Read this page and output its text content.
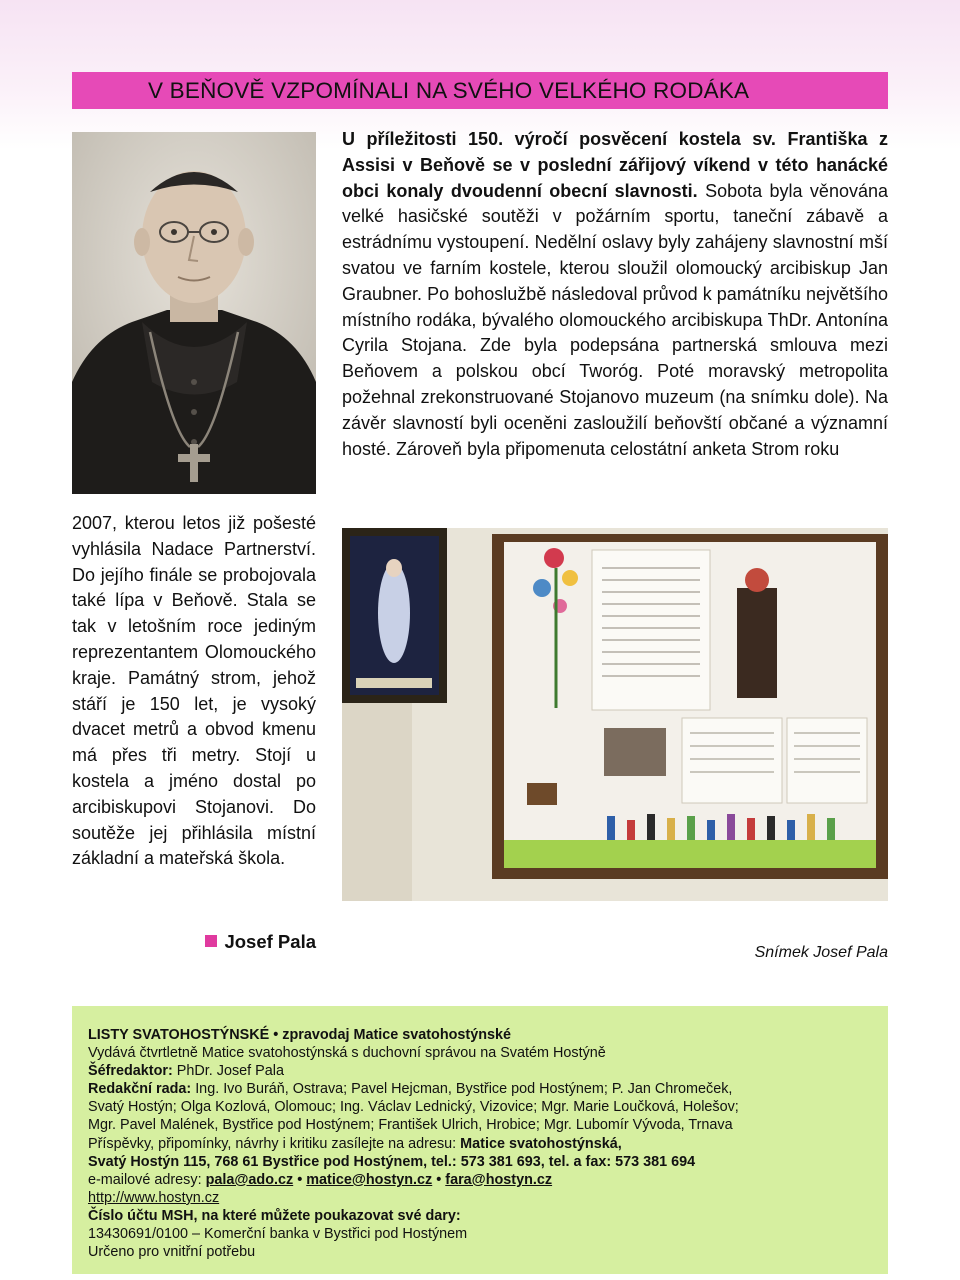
V BEŇOVĚ VZPOMÍNALI NA SVÉHO VELKÉHO RODÁKA

2007, kterou letos již pošesté vyhlásila Nadace Partnerství. Do jejího finále se probojovala také lípa v Beňově. Stala se tak v letošním roce jediným reprezentantem Olomouckého kraje. Památný strom, jehož stáří je 150 let, je vysoký dvacet metrů a obvod kmenu má přes tři metry. Stojí u kostela a jméno dostal po arcibiskupovi Stojanovi. Do soutěže jej přihlásila místní základní a mateřská škola.

Josef Pala

U příležitosti 150. výročí posvěcení kostela sv. Františka z Assisi v Beňově se v poslední zářijový víkend v této hanácké obci konaly dvoudenní obecní slavnosti. Sobota byla věnována velké hasičské soutěži v požárním sportu, taneční zábavě a estrádnímu vystoupení. Nedělní oslavy byly zahájeny slavnostní mší svatou ve farním kostele, kterou sloužil olomoucký arcibiskup Jan Graubner. Po bohoslužbě následoval průvod k památníku největšího místního rodáka, bývalého olomouckého arcibiskupa ThDr. Antonína Cyrila Stojana. Zde byla podepsána partnerská smlouva mezi Beňovem a polskou obcí Tworóg. Poté moravský metropolita požehnal zrekonstruované Stojanovo muzeum (na snímku dole). Na závěr slavností byli oceněni zasloužilí beňovští občané a významní hosté. Zároveň byla připomenuta celostátní anketa Strom roku

Snímek Josef Pala
LISTY SVATOHOSTÝNSKÉ • zpravodaj Matice svatohostýnské
Vydává čtvrtletně Matice svatohostýnská s duchovní správou na Svatém Hostýně
Šéfredaktor: PhDr. Josef Pala
Redakční rada: Ing. Ivo Buráň, Ostrava; Pavel Hejcman, Bystřice pod Hostýnem; P. Jan Chromeček,
Svatý Hostýn; Olga Kozlová, Olomouc; Ing. Václav Lednický, Vizovice; Mgr. Marie Loučková, Holešov;
Mgr. Pavel Malének, Bystřice pod Hostýnem; František Ulrich, Hrobice; Mgr. Lubomír Vývoda, Trnava
Příspěvky, připomínky, návrhy i kritiku zasílejte na adresu: Matice svatohostýnská,
Svatý Hostýn 115, 768 61 Bystřice pod Hostýnem, tel.: 573 381 693, tel. a fax: 573 381 694
e-mailové adresy: pala@ado.cz • matice@hostyn.cz • fara@hostyn.cz
http://www.hostyn.cz
Číslo účtu MSH, na které můžete poukazovat své dary:
13430691/0100 – Komerční banka v Bystřici pod Hostýnem
Určeno pro vnitřní potřebu
